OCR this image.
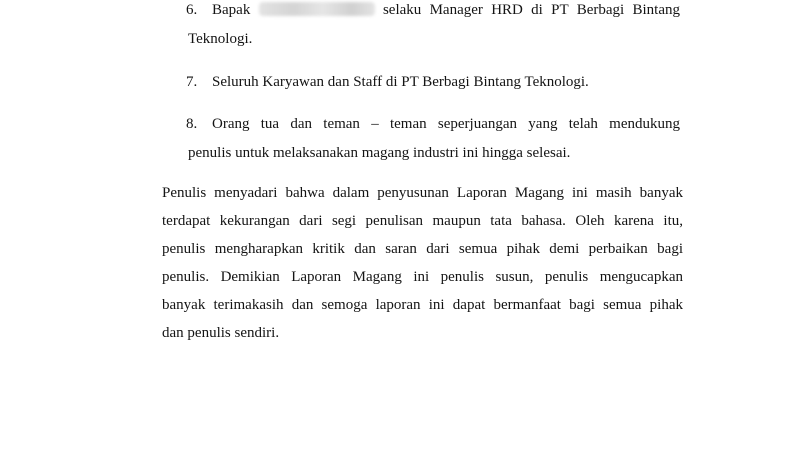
6. Bapak	selaku Manager HRD di PT Berbagi Bintang
Teknologi.
7. Seluruh Karyawan dan Staff di PT Berbagi Bintang Teknologi.
8. Orang tua dan teman – teman seperjuangan yang telah mendukung
penulis untuk melaksanakan magang industri ini hingga selesai.
Penulis menyadari bahwa dalam penyusunan Laporan Magang ini masih banyak
terdapat kekurangan dari segi penulisan maupun tata bahasa. Oleh karena itu,
penulis mengharapkan kritik dan saran dari semua pihak demi perbaikan bagi
penulis. Demikian Laporan Magang ini penulis susun, penulis mengucapkan
banyak terimakasih dan semoga laporan ini dapat bermanfaat bagi semua pihak
dan penulis sendiri.
